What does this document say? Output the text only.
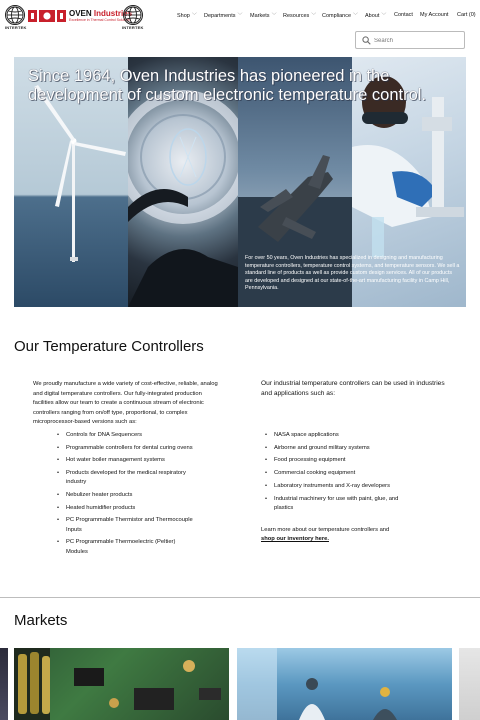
INTERTEK
OVEN Industries
Excellence in Thermal Control Solutions
INTERTEK
Shop ﹀ Departments ﹀ Markets ﹀ Resources ﹀ Compliance ﹀ About ﹀ Contact My Account Cart (0)
Search
Since 1964, Oven Industries has pioneered in the development of custom electronic temperature control.
For over 50 years, Oven Industries has specialized in designing and manufacturing temperature controllers, temperature control systems, and temperature sensors. We sell a standard line of products as well as provide custom design services. All of our products are developed and designed at our state-of-the-art manufacturing facility in Camp Hill, Pennsylvania.
Our Temperature Controllers
We proudly manufacture a wide variety of cost-effective, reliable, analog and digital temperature controllers. Our fully-integrated production facilities allow our team to create a continuous stream of electronic controllers ranging from on/off type, proportional, to complex microprocessor-based versions such as:
• Controls for DNA Sequencers
• Programmable controllers for dental curing ovens
• Hot water boiler management systems
• Products developed for the medical respiratory industry
• Nebulizer heater products
• Heated humidifier products
• PC Programmable Thermistor and Thermocouple Inputs
• PC Programmable Thermoelectric (Peltier) Modules
Our industrial temperature controllers can be used in industries and applications such as:
• NASA space applications
• Airborne and ground military systems
• Food processing equipment
• Commercial cooking equipment
• Laboratory instruments and X-ray developers
• Industrial machinery for use with paint, glue, and plastics
Learn more about our temperature controllers and shop our inventory here.
Markets
